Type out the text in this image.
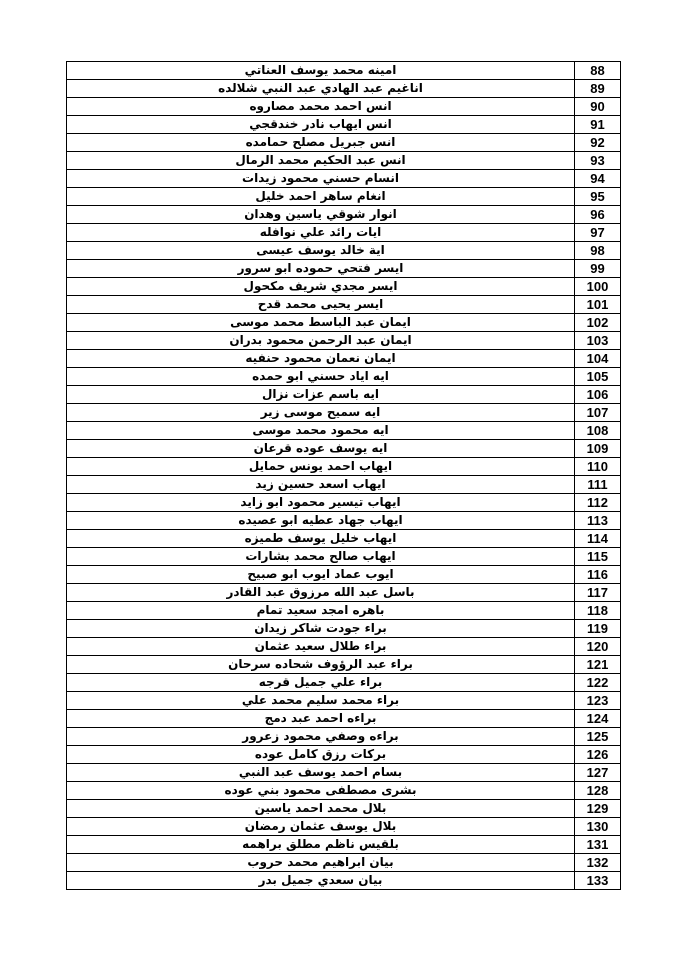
امينه محمد يوسف العناتي	88
اناغيم عبد الهادي عبد النبي شلالده	89
انس احمد محمد مصاروه	90
انس ايهاب نادر خندقجي	91
انس جبريل مصلح حمامده	92
انس عبد الحكيم محمد الرمال	93
انسام حسني محمود زيدات	94
انغام ساهر احمد خليل	95
انوار شوقي ياسين وهدان	96
ايات رائد علي نوافله	97
اية خالد يوسف عيسى	98
ايسر فتحي حموده ابو سرور	99
ايسر مجدي شريف مكحول	100
ايسر يحيى محمد قدح	101
ايمان عبد الباسط محمد موسى	102
ايمان عبد الرحمن محمود بدران	103
ايمان نعمان محمود حنفيه	104
ايه اياد حسني ابو حمده	105
ايه باسم عزات نزال	106
ايه سميح موسى زير	107
ايه محمود محمد موسى	108
ايه يوسف عوده قرعان	109
ايهاب احمد يونس حمايل	110
ايهاب اسعد حسين زيد	111
ايهاب تيسير محمود ابو زايد	112
ايهاب جهاد عطيه ابو عصيده	113
ايهاب خليل يوسف طميزه	114
ايهاب صالح محمد بشارات	115
ايوب عماد ايوب ابو صبيح	116
باسل عبد الله مرزوق عبد القادر	117
باهره امجد سعيد تمام	118
براء جودت شاكر زيدان	119
براء طلال سعيد عثمان	120
براء عبد الرؤوف شحاده سرحان	121
براء علي جميل قرجه	122
براء محمد سليم محمد علي	123
براءه احمد عبد دمج	124
براءه وصفي محمود زعرور	125
بركات رزق كامل عوده	126
بسام احمد يوسف عبد النبي	127
بشرى مصطفى محمود بني عوده	128
بلال محمد احمد ياسين	129
بلال يوسف عثمان رمضان	130
بلقيس ناظم مطلق براهمه	131
بيان ابراهيم محمد حروب	132
بيان سعدي جميل بدر	133
